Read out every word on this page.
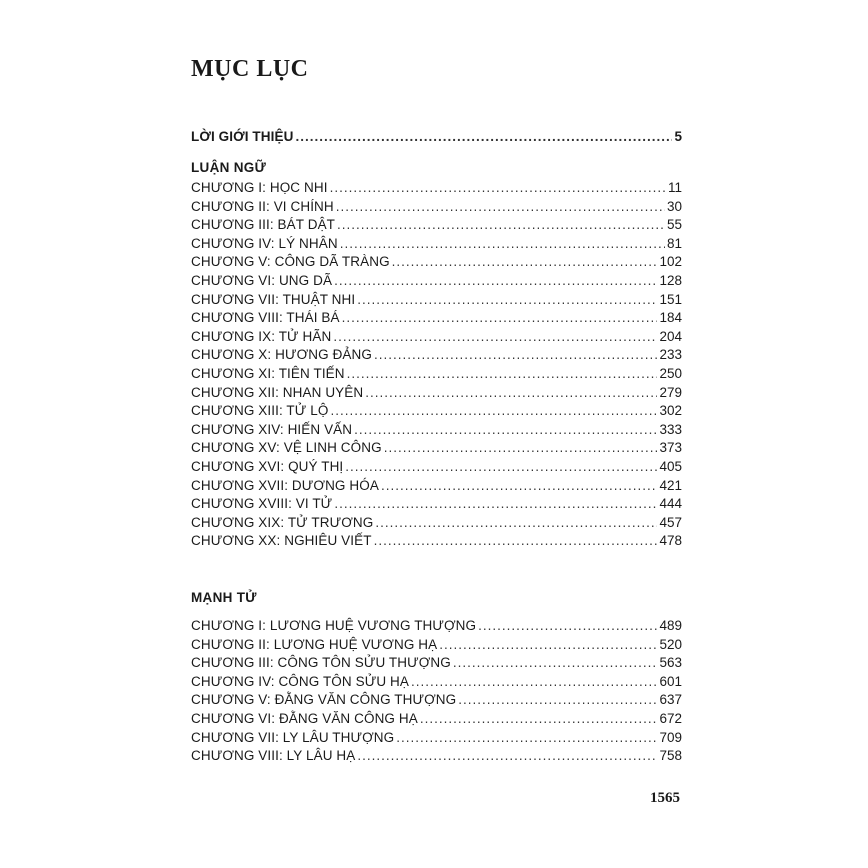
MỤC LỤC
LỜI GIỚI THIỆU .....	5
LUẬN NGỮ
CHƯƠNG I: HỌC NHI .....	11
CHƯƠNG II: VI CHÍNH .....	30
CHƯƠNG III: BÁT DẬT .....	55
CHƯƠNG IV: LÝ NHÂN .....	81
CHƯƠNG V: CÔNG DÃ TRÀNG .....	102
CHƯƠNG VI: UNG DÃ .....	128
CHƯƠNG VII: THUẬT NHI .....	151
CHƯƠNG VIII: THÁI BÁ .....	184
CHƯƠNG IX: TỬ HÃN .....	204
CHƯƠNG X: HƯƠNG ĐẢNG .....	233
CHƯƠNG XI: TIÊN TIẾN .....	250
CHƯƠNG XII: NHAN UYÊN .....	279
CHƯƠNG XIII: TỬ LỘ .....	302
CHƯƠNG XIV: HIẾN VẤN .....	333
CHƯƠNG XV: VỆ LINH CÔNG .....	373
CHƯƠNG XVI: QUÝ THỊ .....	405
CHƯƠNG XVII: DƯƠNG HÓA .....	421
CHƯƠNG XVIII: VI TỬ .....	444
CHƯƠNG XIX: TỬ TRƯƠNG .....	457
CHƯƠNG XX: NGHIÊU VIẾT .....	478
MẠNH TỬ
CHƯƠNG I: LƯƠNG HUỆ VƯƠNG THƯỢNG .....	489
CHƯƠNG II: LƯƠNG HUỆ VƯƠNG HẠ .....	520
CHƯƠNG III: CÔNG TÔN SỬU THƯỢNG .....	563
CHƯƠNG IV: CÔNG TÔN SỬU HẠ .....	601
CHƯƠNG V: ĐẰNG VĂN CÔNG THƯỢNG .....	637
CHƯƠNG VI: ĐẰNG VĂN CÔNG HẠ .....	672
CHƯƠNG VII: LY LÂU THƯỢNG .....	709
CHƯƠNG VIII: LY LÂU HẠ .....	758
1565
